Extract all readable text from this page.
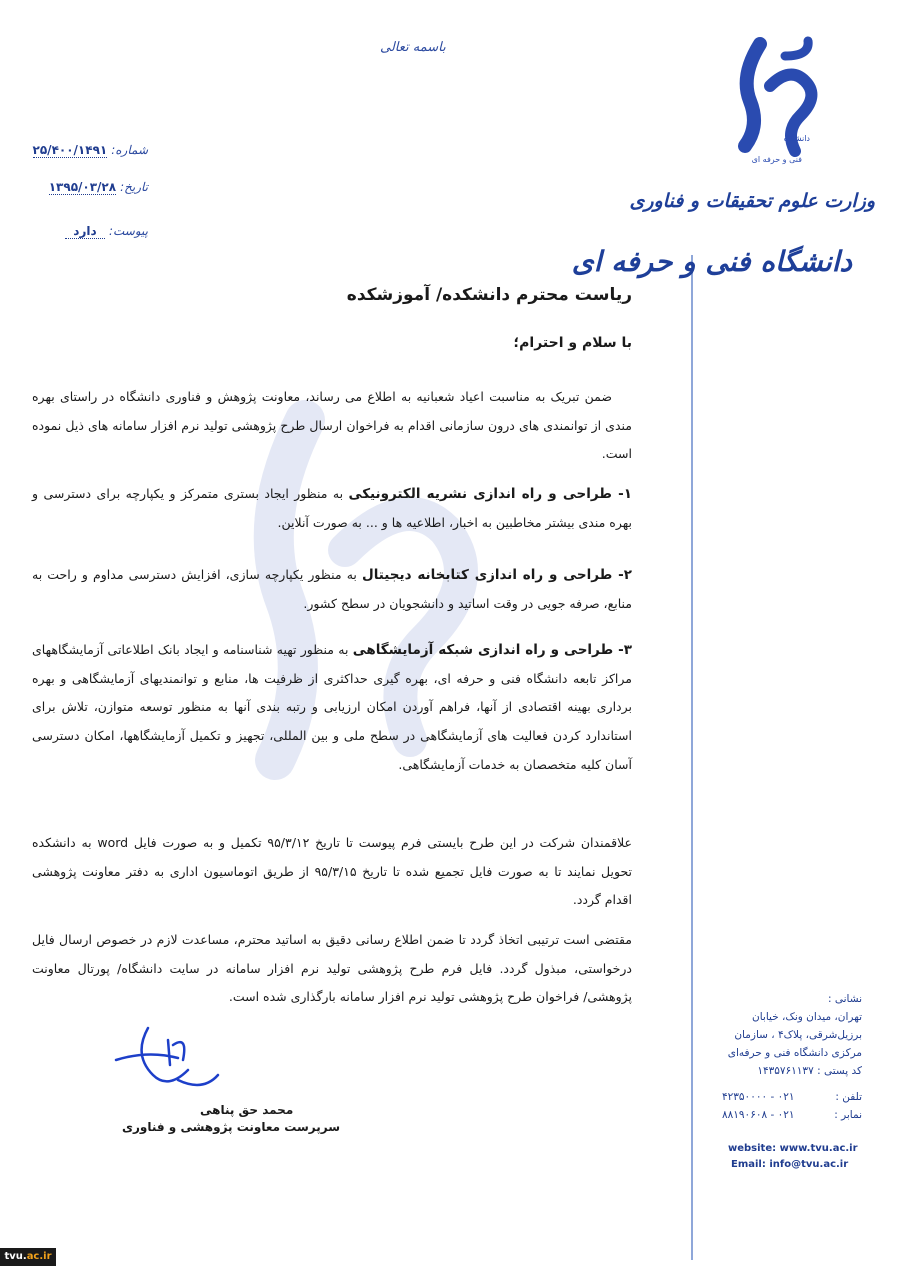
دانشگاه
فنی و حرفه ای
وزارت علوم تحقیقات و فناوری
دانشگاه فنی و حرفه ای
باسمه تعالی
شماره:۲۵/۴۰۰/۱۴۹۱
تاریخ:۱۳۹۵/۰۳/۲۸
پیوست:دارد
ریاست محترم دانشکده/ آموزشکده
با سلام و احترام؛

ضمن تبریک به مناسبت اعیاد شعبانیه به اطلاع می رساند، معاونت پژوهش و فناوری دانشگاه در راستای بهره مندی از توانمندی های درون سازمانی اقدام به فراخوان ارسال طرح پژوهشی تولید نرم افزار سامانه های ذیل نموده است.

۱- طراحی و راه اندازی نشریه الکترونیکی به منظور ایجاد بستری متمرکز و یکپارچه برای دسترسی و بهره مندی بیشتر مخاطبین به اخبار، اطلاعیه ها و ... به صورت آنلاین.

۲- طراحی و راه اندازی کتابخانه دیجیتال به منظور یکپارچه سازی، افزایش دسترسی مداوم و راحت به منابع، صرفه جویی در وقت اساتید و دانشجویان در سطح کشور.

۳- طراحی و راه اندازی شبکه آزمایشگاهی به منظور تهیه شناسنامه و ایجاد بانک اطلاعاتی آزمایشگاههای مراکز تابعه دانشگاه فنی و حرفه ای، بهره گیری حداکثری از ظرفیت ها، منابع و توانمندیهای آزمایشگاهی و بهره برداری بهینه اقتصادی از آنها، فراهم آوردن امکان ارزیابی و رتبه بندی آنها به منظور توسعه متوازن، تلاش برای استاندارد کردن فعالیت های آزمایشگاهی در سطح ملی و بین المللی، تجهیز و تکمیل آزمایشگاهها، امکان دسترسی آسان کلیه متخصصان به خدمات آزمایشگاهی.

علاقمندان شرکت در این طرح بایستی فرم پیوست تا تاریخ ۹۵/۳/۱۲ تکمیل و به صورت فایل word به دانشکده تحویل نمایند تا به صورت فایل تجمیع شده تا تاریخ ۹۵/۳/۱۵ از طریق اتوماسیون اداری به دفتر معاونت پژوهشی اقدام گردد.

مقتضی است ترتیبی اتخاذ گردد تا ضمن اطلاع رسانی دقیق به اساتید محترم، مساعدت لازم در خصوص ارسال فایل درخواستی، مبذول گردد. فایل فرم طرح پژوهشی تولید نرم افزار سامانه در سایت دانشگاه/ پورتال معاونت پژوهشی/ فراخوان طرح پژوهشی تولید نرم افزار سامانه بارگذاری شده است.

محمد حق پناهی
سرپرست معاونت پژوهشی و فناوری
نشانی :
تهران، میدان ونک، خیابان
برزیل‌شرقی، پلاک۴ ، سازمان
مرکزی دانشگاه فنی و حرفه‌ای
کد پستی : ۱۴۳۵۷۶۱۱۳۷
تلفن :
۰۲۱ - ۴۲۳۵۰۰۰۰
نمابر :
۰۲۱ - ۸۸۱۹۰۶۰۸
website: www.tvu.ac.ir
Email: info@tvu.ac.ir
tvu.ac.ir
